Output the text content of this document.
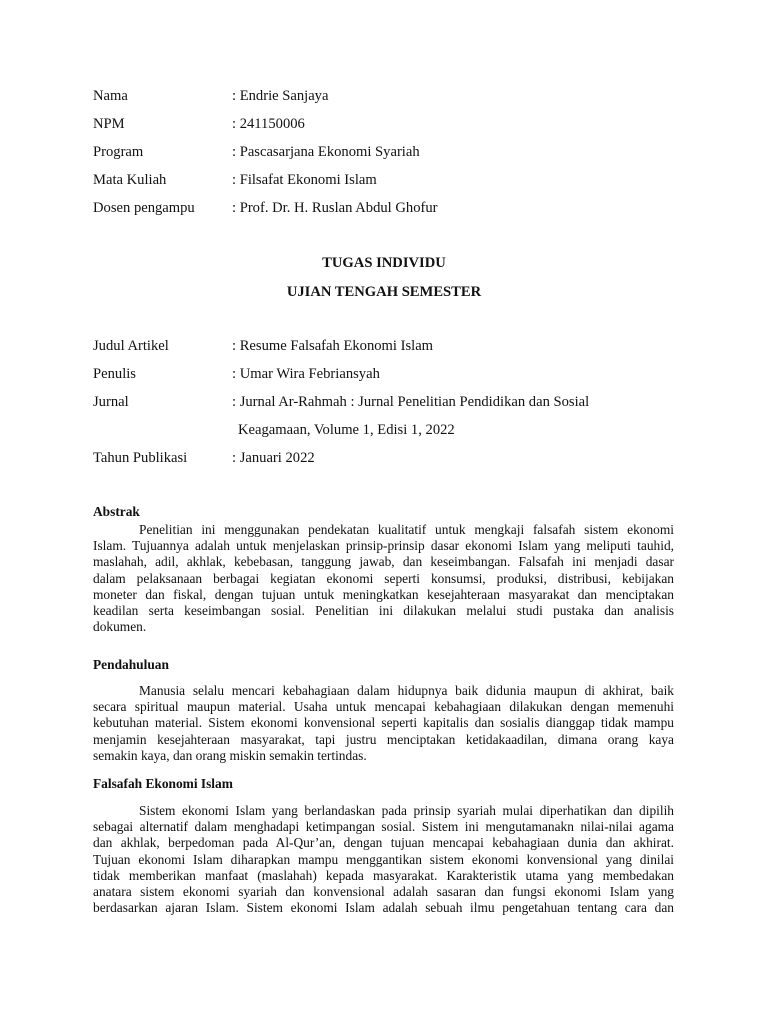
Nama	: Endrie Sanjaya
NPM	: 241150006
Program	: Pascasarjana Ekonomi Syariah
Mata Kuliah	: Filsafat Ekonomi Islam
Dosen pengampu	: Prof. Dr. H. Ruslan Abdul Ghofur
TUGAS INDIVIDU
UJIAN TENGAH SEMESTER
Judul Artikel	: Resume Falsafah Ekonomi Islam
Penulis	: Umar Wira Febriansyah
Jurnal	: Jurnal Ar-Rahmah : Jurnal Penelitian Pendidikan dan Sosial
Keagamaan, Volume 1, Edisi 1, 2022
Tahun Publikasi	: Januari 2022
Abstrak
Penelitian ini menggunakan pendekatan kualitatif untuk mengkaji falsafah sistem ekonomi
Islam. Tujuannya adalah untuk menjelaskan prinsip-prinsip dasar ekonomi Islam yang meliputi tauhid,
maslahah, adil, akhlak, kebebasan, tanggung jawab, dan keseimbangan. Falsafah ini menjadi dasar
dalam pelaksanaan berbagai kegiatan ekonomi seperti konsumsi, produksi, distribusi, kebijakan
moneter dan fiskal, dengan tujuan untuk meningkatkan kesejahteraan masyarakat dan menciptakan
keadilan serta keseimbangan sosial. Penelitian ini dilakukan melalui studi pustaka dan analisis
dokumen.
Pendahuluan
Manusia selalu mencari kebahagiaan dalam hidupnya baik didunia maupun di akhirat, baik
secara spiritual maupun material. Usaha untuk mencapai kebahagiaan dilakukan dengan memenuhi
kebutuhan material. Sistem ekonomi konvensional seperti kapitalis dan sosialis dianggap tidak mampu
menjamin kesejahteraan masyarakat, tapi justru menciptakan ketidakaadilan, dimana orang kaya
semakin kaya, dan orang miskin semakin tertindas.
Falsafah Ekonomi Islam
Sistem ekonomi Islam yang berlandaskan pada prinsip syariah mulai diperhatikan dan dipilih
sebagai alternatif dalam menghadapi ketimpangan sosial. Sistem ini mengutamanakn nilai-nilai agama
dan akhlak, berpedoman pada Al-Qur’an, dengan tujuan mencapai kebahagiaan dunia dan akhirat.
Tujuan ekonomi Islam diharapkan mampu menggantikan sistem ekonomi konvensional yang dinilai
tidak memberikan manfaat (maslahah) kepada masyarakat. Karakteristik utama yang membedakan
anatara sistem ekonomi syariah dan konvensional adalah sasaran dan fungsi ekonomi Islam yang
berdasarkan ajaran Islam. Sistem ekonomi Islam adalah sebuah ilmu pengetahuan tentang cara dan
